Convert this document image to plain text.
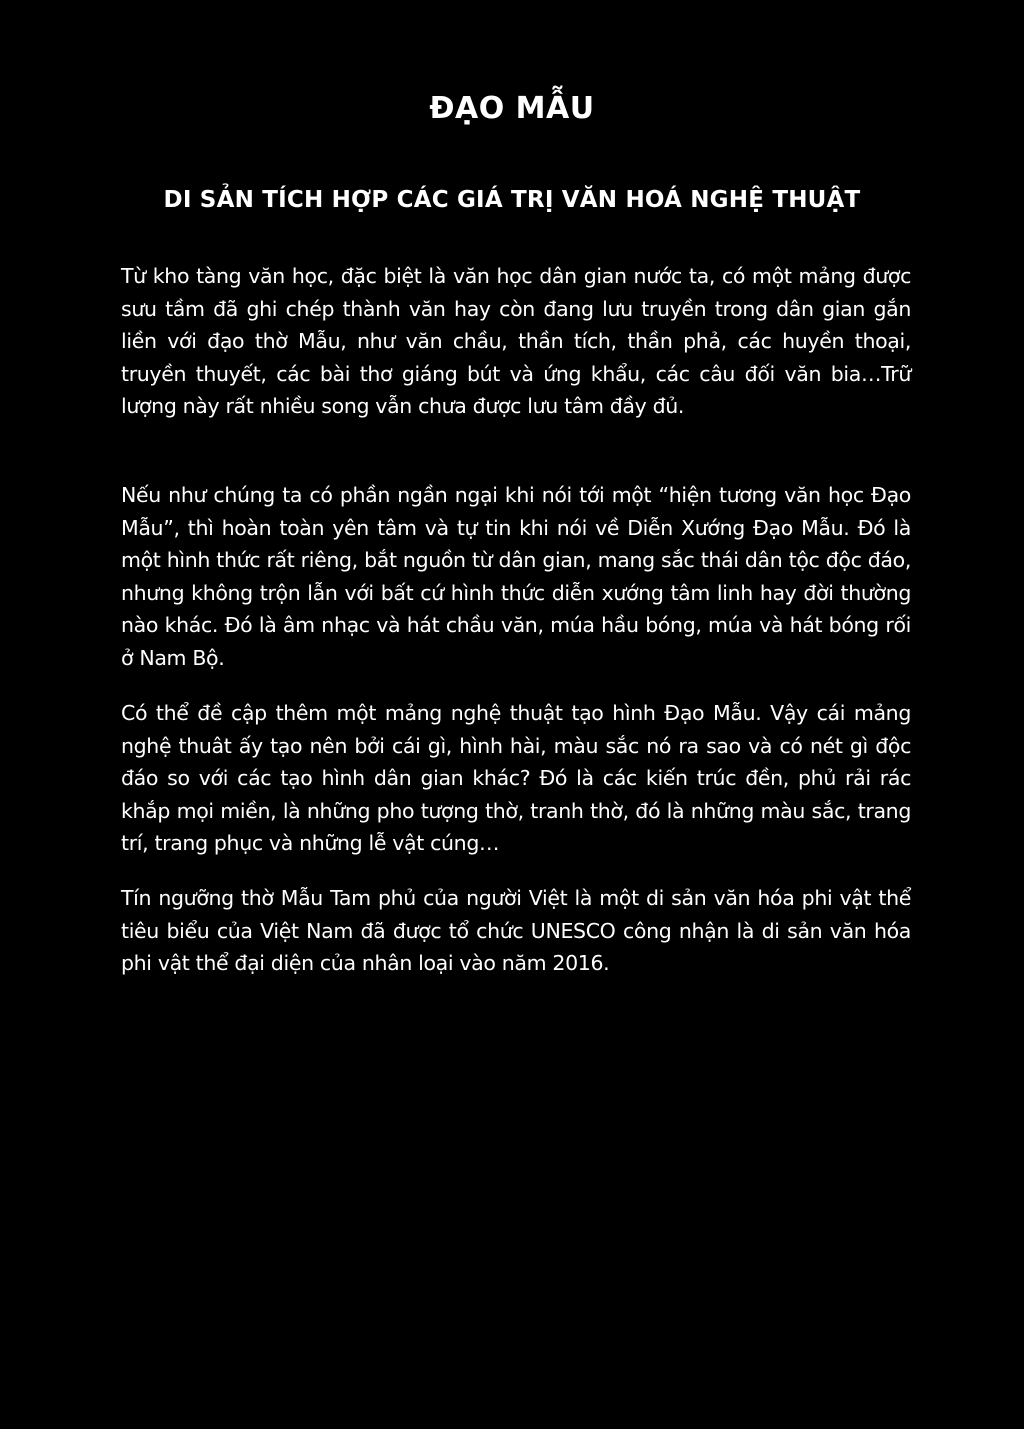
ĐẠO MẪU
DI SẢN TÍCH HỢP CÁC GIÁ TRỊ VĂN HOÁ NGHỆ THUẬT

Từ kho tàng văn học, đặc biệt là văn học dân gian nước ta, có một mảng được sưu tầm đã ghi chép thành văn hay còn đang lưu truyền trong dân gian gắn liền với đạo thờ Mẫu, như văn chầu, thần tích, thần phả, các huyền thoại, truyền thuyết, các bài thơ giáng bút và ứng khẩu, các câu đối văn bia…Trữ lượng này rất nhiều song vẫn chưa được lưu tâm đầy đủ.

Nếu như chúng ta có phần ngần ngại khi nói tới một “hiện tương văn học Đạo Mẫu”, thì hoàn toàn yên tâm và tự tin khi nói về Diễn Xướng Đạo Mẫu. Đó là một hình thức rất riêng, bắt nguồn từ dân gian, mang sắc thái dân tộc độc đáo, nhưng không trộn lẫn với bất cứ hình thức diễn xướng tâm linh hay đời thường nào khác. Đó là âm nhạc và hát chầu văn, múa hầu bóng, múa và hát bóng rối ở Nam Bộ.

Có thể đề cập thêm một mảng nghệ thuật tạo hình Đạo Mẫu. Vậy cái mảng nghệ thuât ấy tạo nên bởi cái gì, hình hài, màu sắc nó ra sao và có nét gì độc đáo so với các tạo hình dân gian khác? Đó là các kiến trúc đền, phủ rải rác khắp mọi miền, là những pho tượng thờ, tranh thờ, đó là những màu sắc, trang trí, trang phục và những lễ vật cúng…

Tín ngưỡng thờ Mẫu Tam phủ của người Việt là một di sản văn hóa phi vật thể tiêu biểu của Việt Nam đã được tổ chức UNESCO công nhận là di sản văn hóa phi vật thể đại diện của nhân loại vào năm 2016.
